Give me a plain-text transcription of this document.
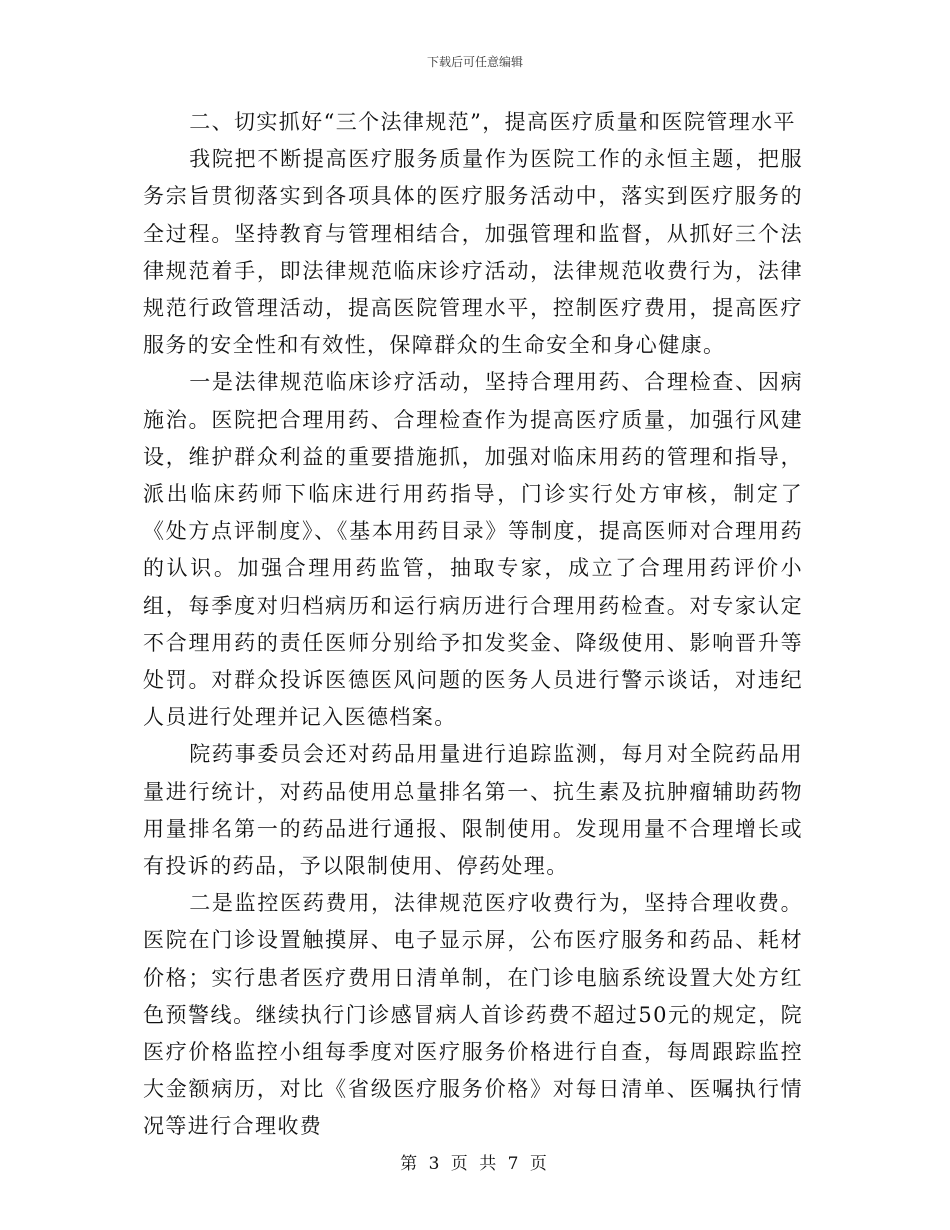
下载后可任意编辑

二、切实抓好“三个法律规范”，提高医疗质量和医院管理水平

我院把不断提高医疗服务质量作为医院工作的永恒主题，把服务宗旨贯彻落实到各项具体的医疗服务活动中，落实到医疗服务的全过程。坚持教育与管理相结合，加强管理和监督，从抓好三个法律规范着手，即法律规范临床诊疗活动，法律规范收费行为，法律规范行政管理活动，提高医院管理水平，控制医疗费用，提高医疗服务的安全性和有效性，保障群众的生命安全和身心健康。

一是法律规范临床诊疗活动，坚持合理用药、合理检查、因病施治。医院把合理用药、合理检查作为提高医疗质量，加强行风建设，维护群众利益的重要措施抓，加强对临床用药的管理和指导，派出临床药师下临床进行用药指导，门诊实行处方审核，制定了《处方点评制度》、《基本用药目录》等制度，提高医师对合理用药的认识。加强合理用药监管，抽取专家，成立了合理用药评价小组，每季度对归档病历和运行病历进行合理用药检查。对专家认定不合理用药的责任医师分别给予扣发奖金、降级使用、影响晋升等处罚。对群众投诉医德医风问题的医务人员进行警示谈话，对违纪人员进行处理并记入医德档案。

院药事委员会还对药品用量进行追踪监测，每月对全院药品用量进行统计，对药品使用总量排名第一、抗生素及抗肿瘤辅助药物用量排名第一的药品进行通报、限制使用。发现用量不合理增长或有投诉的药品，予以限制使用、停药处理。

二是监控医药费用，法律规范医疗收费行为，坚持合理收费。医院在门诊设置触摸屏、电子显示屏，公布医疗服务和药品、耗材价格；实行患者医疗费用日清单制，在门诊电脑系统设置大处方红色预警线。继续执行门诊感冒病人首诊药费不超过50元的规定，院医疗价格监控小组每季度对医疗服务价格进行自查，每周跟踪监控大金额病历，对比《省级医疗服务价格》对每日清单、医嘱执行情况等进行合理收费

第 3 页 共 7 页
